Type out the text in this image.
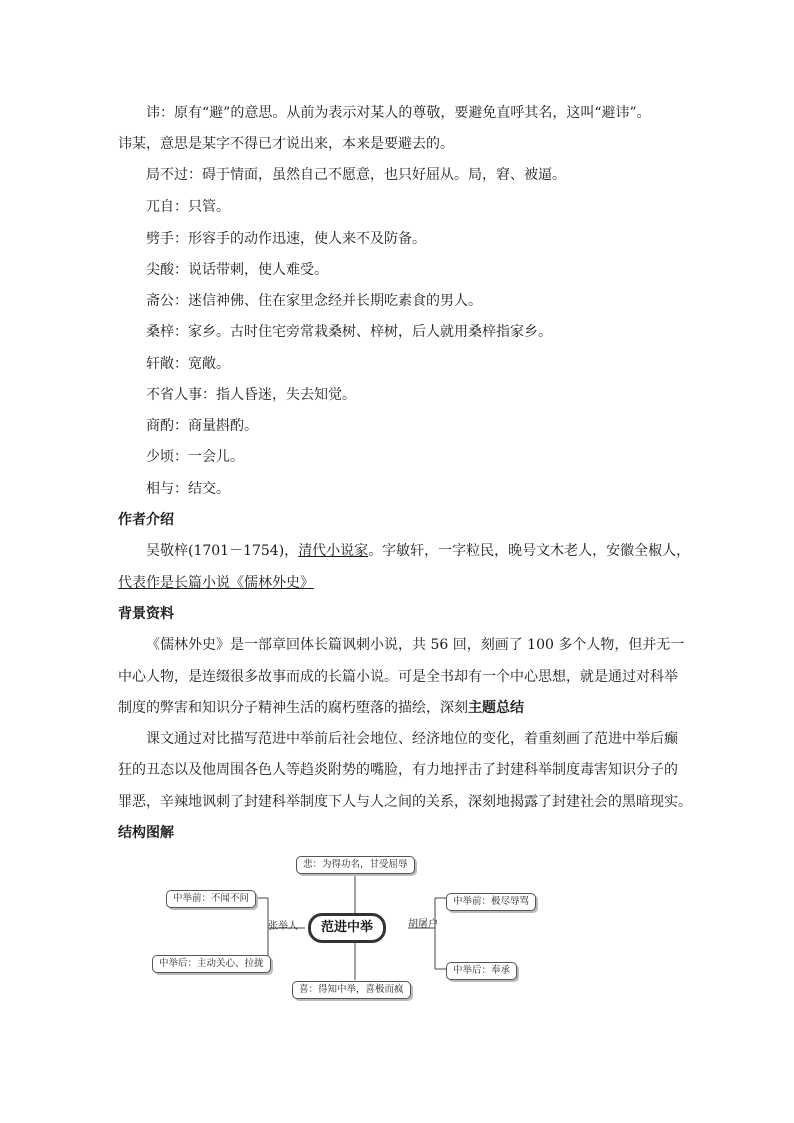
讳：原有“避”的意思。从前为表示对某人的尊敬，要避免直呼其名，这叫“避讳”。
讳某，意思是某字不得已才说出来，本来是要避去的。
局不过：碍于情面，虽然自己不愿意，也只好屈从。局，窘、被逼。
兀自：只管。
劈手：形容手的动作迅速，使人来不及防备。
尖酸：说话带刺，使人难受。
斋公：迷信神佛、住在家里念经并长期吃素食的男人。
桑梓：家乡。古时住宅旁常栽桑树、梓树，后人就用桑梓指家乡。
轩敞：宽敞。
不省人事：指人昏迷，失去知觉。
商酌：商量斟酌。
少顷：一会儿。
相与：结交。
作者介绍
吴敬梓(1701－1754)，清代小说家。字敏轩，一字粒民，晚号文木老人，安徽全椒人，
代表作是长篇小说《儒林外史》
背景资料
《儒林外史》是一部章回体长篇讽刺小说，共 56 回，刻画了 100 多个人物，但并无一
中心人物，是连缀很多故事而成的长篇小说。可是全书却有一个中心思想，就是通过对科举
制度的弊害和知识分子精神生活的腐朽堕落的描绘，深刻主题总结
课文通过对比描写范进中举前后社会地位、经济地位的变化，着重刻画了范进中举后癫
狂的丑态以及他周围各色人等趋炎附势的嘴脸，有力地抨击了封建科举制度毒害知识分子的
罪恶，辛辣地讽刺了封建科举制度下人与人之间的关系，深刻地揭露了封建社会的黑暗现实。
结构图解
悲：为得功名，甘受屈辱
范进中举
喜：得知中举，喜极而疯
张举人	胡屠户
中举前：不闻不问
中举后：主动关心、拉拢
中举前：极尽辱骂
中举后：奉承
